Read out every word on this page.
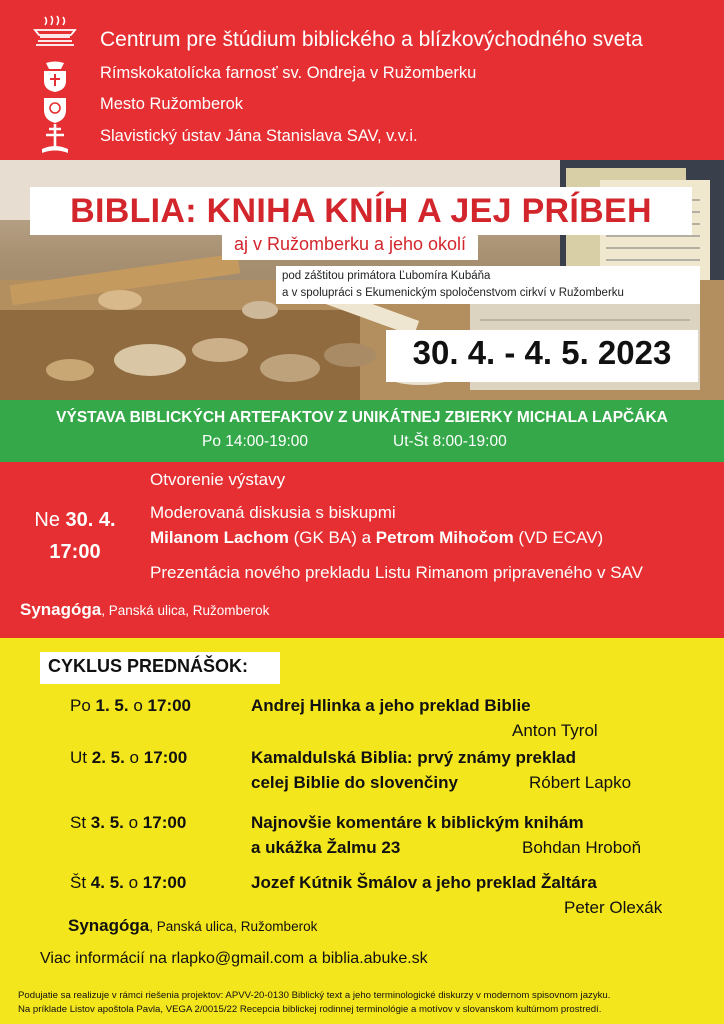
Centrum pre štúdium biblického a blízkovýchodného sveta
Rímskokatolícka farnosť sv. Ondreja v Ružomberku
Mesto Ružomberok
Slavistický ústav Jána Stanislava SAV, v.v.i.
BIBLIA: KNIHA KNÍH A JEJ PRÍBEH
aj v Ružomberku a jeho okolí
pod záštitou primátora Ľubomíra Kubáňa
a v spolupráci s Ekumenickým spoločenstvom cirkví v Ružomberku
30. 4. - 4. 5. 2023
VÝSTAVA BIBLICKÝCH ARTEFAKTOV Z UNIKÁTNEJ ZBIERKY MICHALA LAPČÁKA
Po 14:00-19:00	Ut-Št 8:00-19:00
Ne 30. 4.
17:00
Otvorenie výstavy
Moderovaná diskusia s biskupmi
Milanom Lachom (GK BA) a Petrom Mihočom (VD ECAV)
Prezentácia nového prekladu Listu Rimanom pripraveného v SAV
Synagóga, Panská ulica, Ružomberok
CYKLUS PREDNÁŠOK:
Po 1. 5. o 17:00	Andrej Hlinka a jeho preklad Biblie
Anton Tyrol
Ut 2. 5. o 17:00	Kamaldulská Biblia: prvý známy preklad
celej Biblie do slovenčiny	Róbert Lapko
St 3. 5. o 17:00	Najnovšie komentáre k biblickým knihám
a ukážka Žalmu 23	Bohdan Hroboň
Št 4. 5. o 17:00	Jozef Kútnik Šmálov a jeho preklad Žaltára
Peter Olexák
Synagóga, Panská ulica, Ružomberok
Viac informácií na rlapko@gmail.com a biblia.abuke.sk
Podujatie sa realizuje v rámci riešenia projektov: APVV-20-0130 Biblický text a jeho terminologické diskurzy v modernom spisovnom jazyku.
Na príklade Listov apoštola Pavla, VEGA 2/0015/22 Recepcia biblickej rodinnej terminológie a motívov v slovanskom kultúrnom prostredí.
